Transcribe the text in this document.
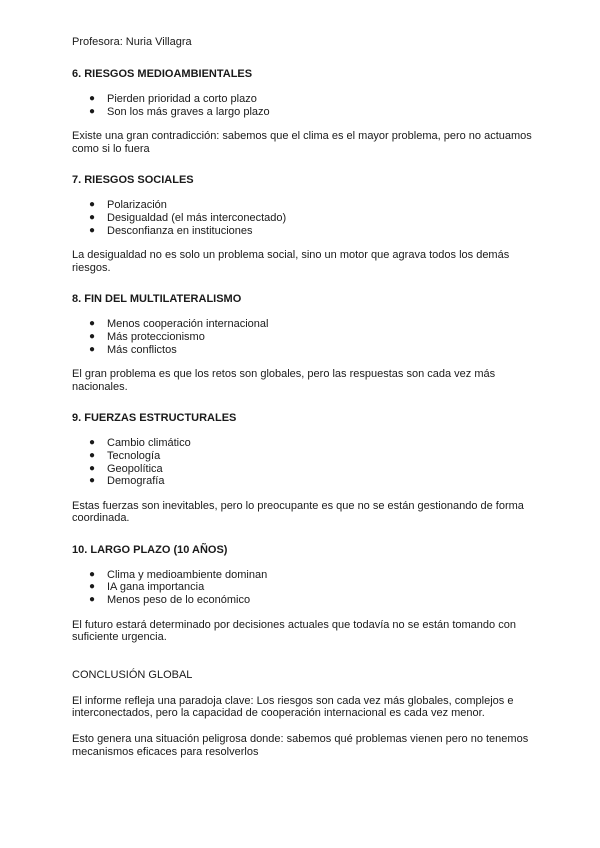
Profesora: Nuria Villagra
6. RIESGOS MEDIOAMBIENTALES
● Pierden prioridad a corto plazo
● Son los más graves a largo plazo

Existe una gran contradicción: sabemos que el clima es el mayor problema, pero no actuamos como si lo fuera

7. RIESGOS SOCIALES
● Polarización
● Desigualdad (el más interconectado)
● Desconfianza en instituciones

La desigualdad no es solo un problema social, sino un motor que agrava todos los demás riesgos.

8. FIN DEL MULTILATERALISMO
● Menos cooperación internacional
● Más proteccionismo
● Más conflictos

El gran problema es que los retos son globales, pero las respuestas son cada vez más nacionales.

9. FUERZAS ESTRUCTURALES
● Cambio climático
● Tecnología
● Geopolítica
● Demografía

Estas fuerzas son inevitables, pero lo preocupante es que no se están gestionando de forma coordinada.

10. LARGO PLAZO (10 AÑOS)
● Clima y medioambiente dominan
● IA gana importancia
● Menos peso de lo económico

El futuro estará determinado por decisiones actuales que todavía no se están tomando con suficiente urgencia.

CONCLUSIÓN GLOBAL

El informe refleja una paradoja clave: Los riesgos son cada vez más globales, complejos e interconectados, pero la capacidad de cooperación internacional es cada vez menor.

Esto genera una situación peligrosa donde: sabemos qué problemas vienen pero no tenemos mecanismos eficaces para resolverlos
